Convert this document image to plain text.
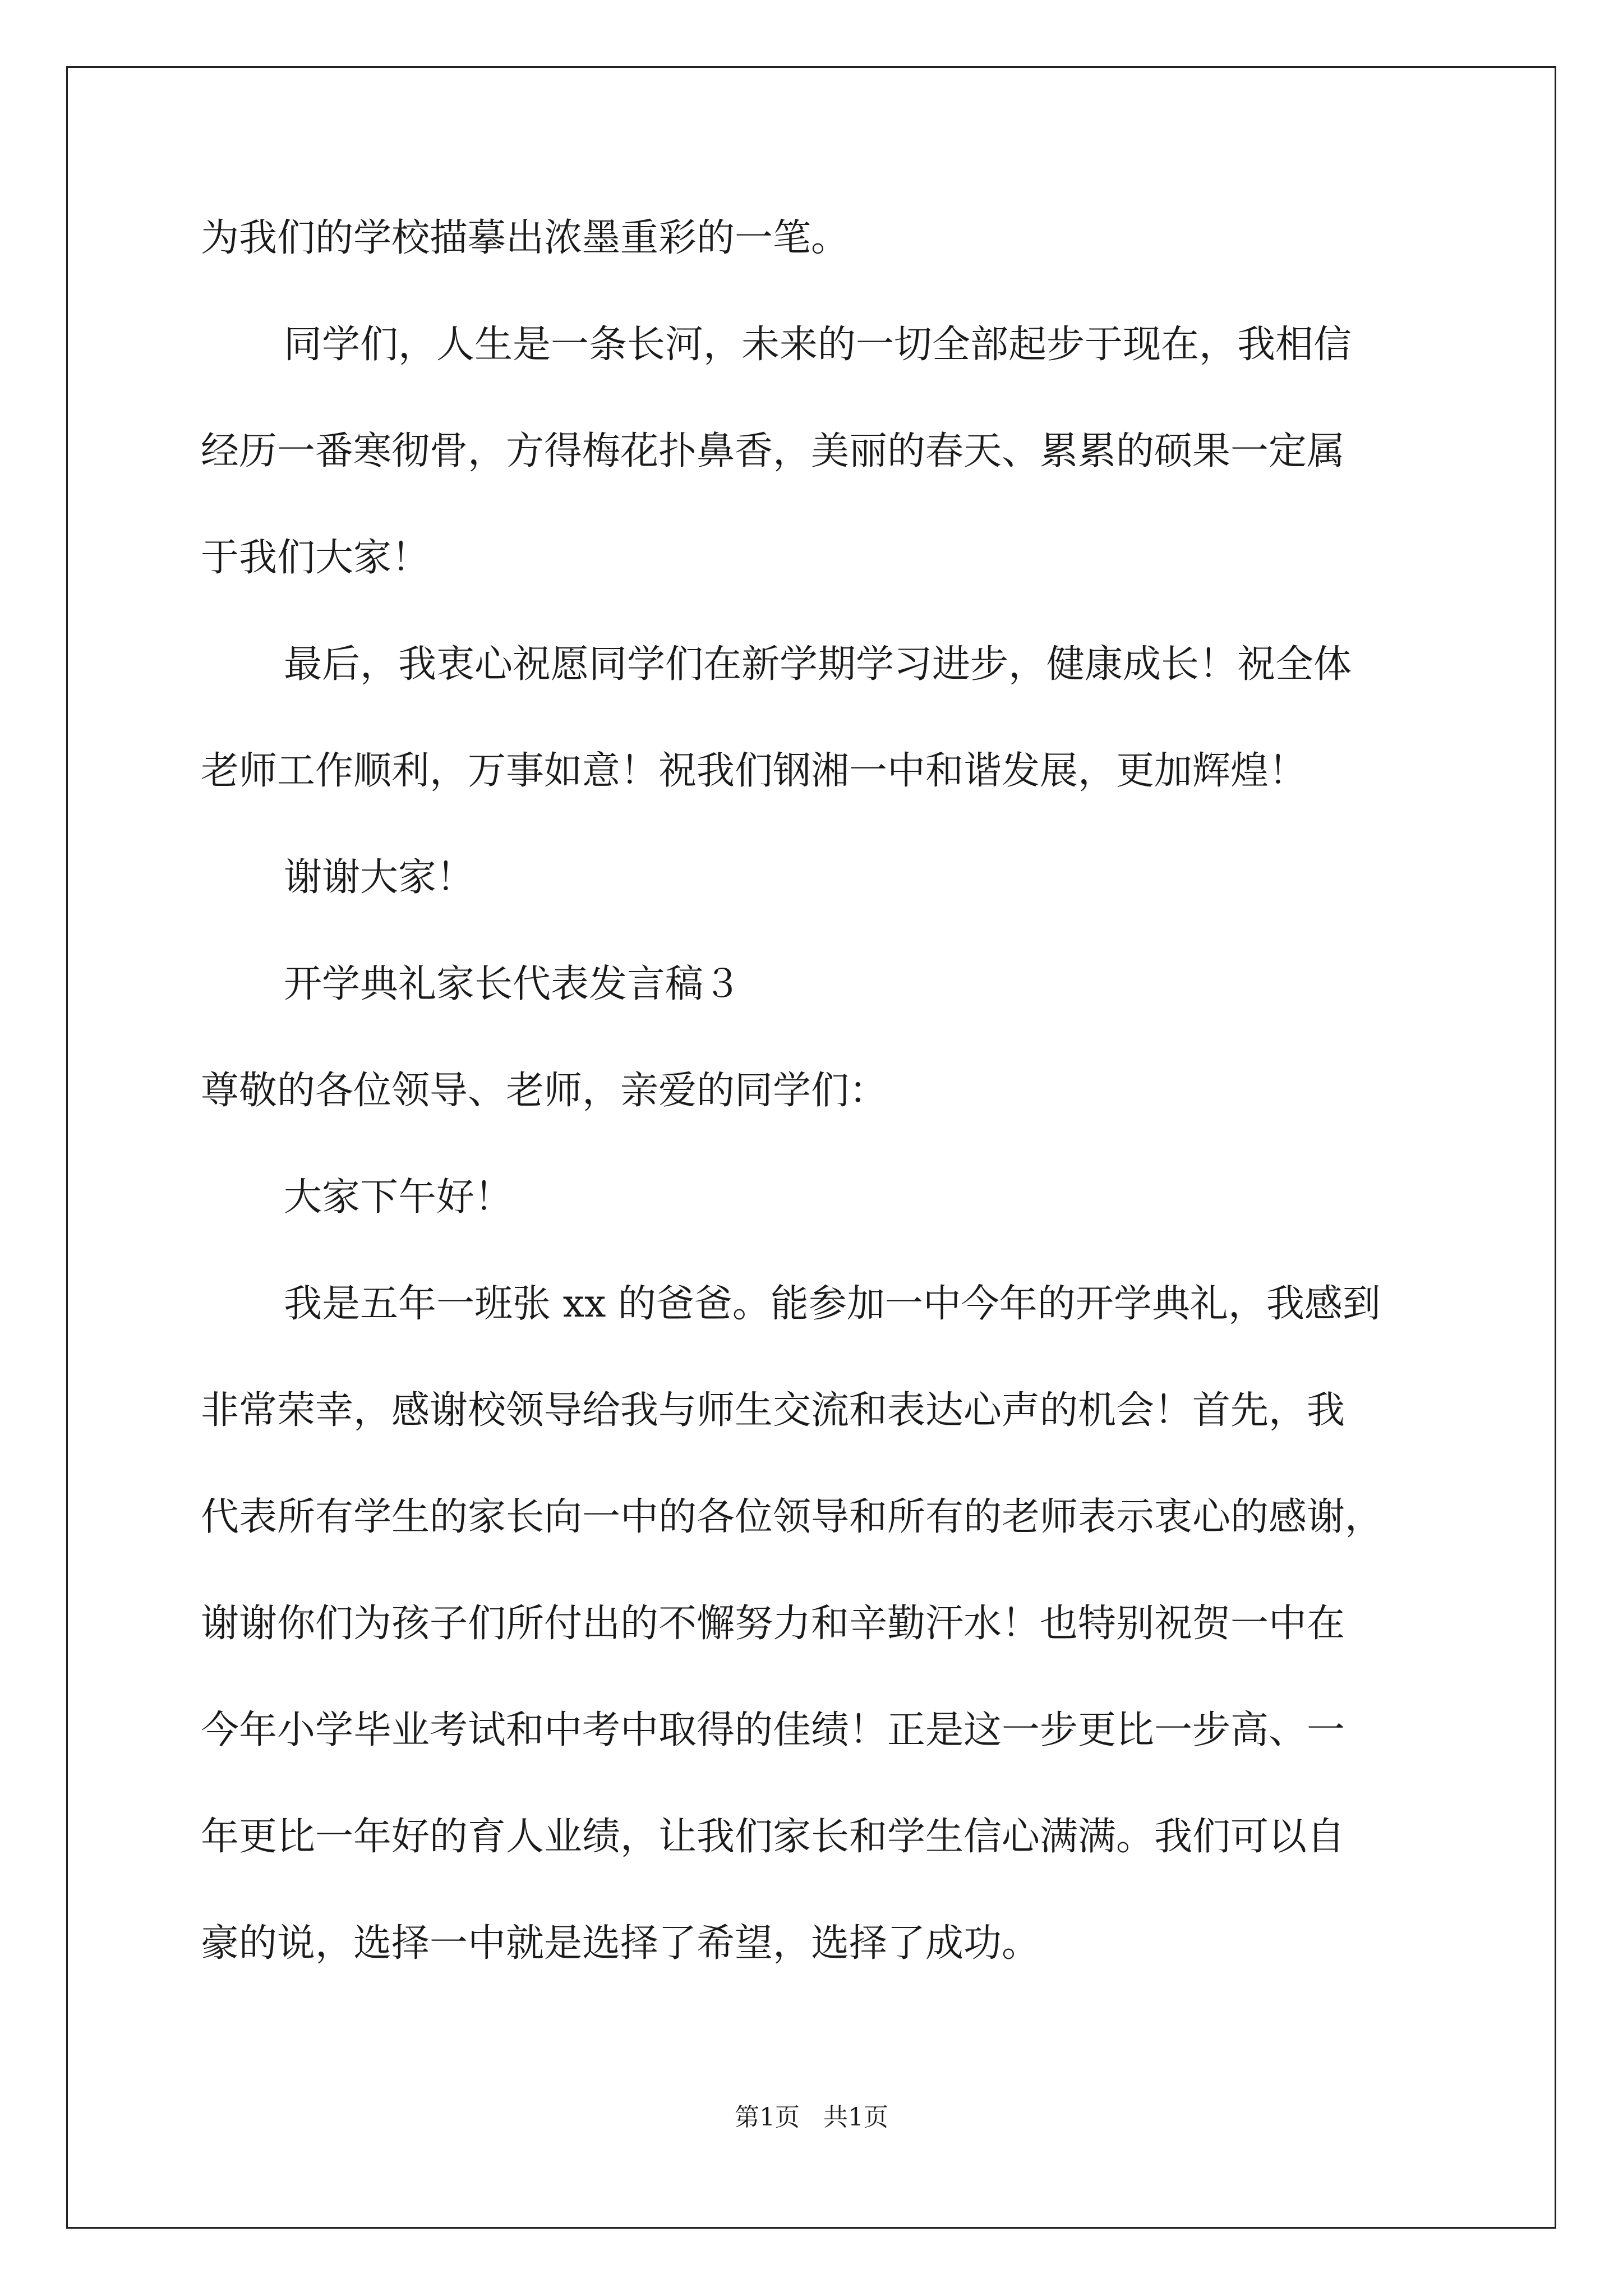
为我们的学校描摹出浓墨重彩的一笔。
同学们，人生是一条长河，未来的一切全部起步于现在，我相信
经历一番寒彻骨，方得梅花扑鼻香，美丽的春天、累累的硕果一定属
于我们大家！
最后，我衷心祝愿同学们在新学期学习进步，健康成长！祝全体
老师工作顺利，万事如意！祝我们钢湘一中和谐发展，更加辉煌！
谢谢大家！
开学典礼家长代表发言稿３
尊敬的各位领导、老师，亲爱的同学们：
大家下午好！
我是五年一班张 xx 的爸爸。能参加一中今年的开学典礼，我感到
非常荣幸，感谢校领导给我与师生交流和表达心声的机会！首先，我
代表所有学生的家长向一中的各位领导和所有的老师表示衷心的感谢，
谢谢你们为孩子们所付出的不懈努力和辛勤汗水！也特别祝贺一中在
今年小学毕业考试和中考中取得的佳绩！正是这一步更比一步高、一
年更比一年好的育人业绩，让我们家长和学生信心满满。我们可以自
豪的说，选择一中就是选择了希望，选择了成功。
第1页   共1页
